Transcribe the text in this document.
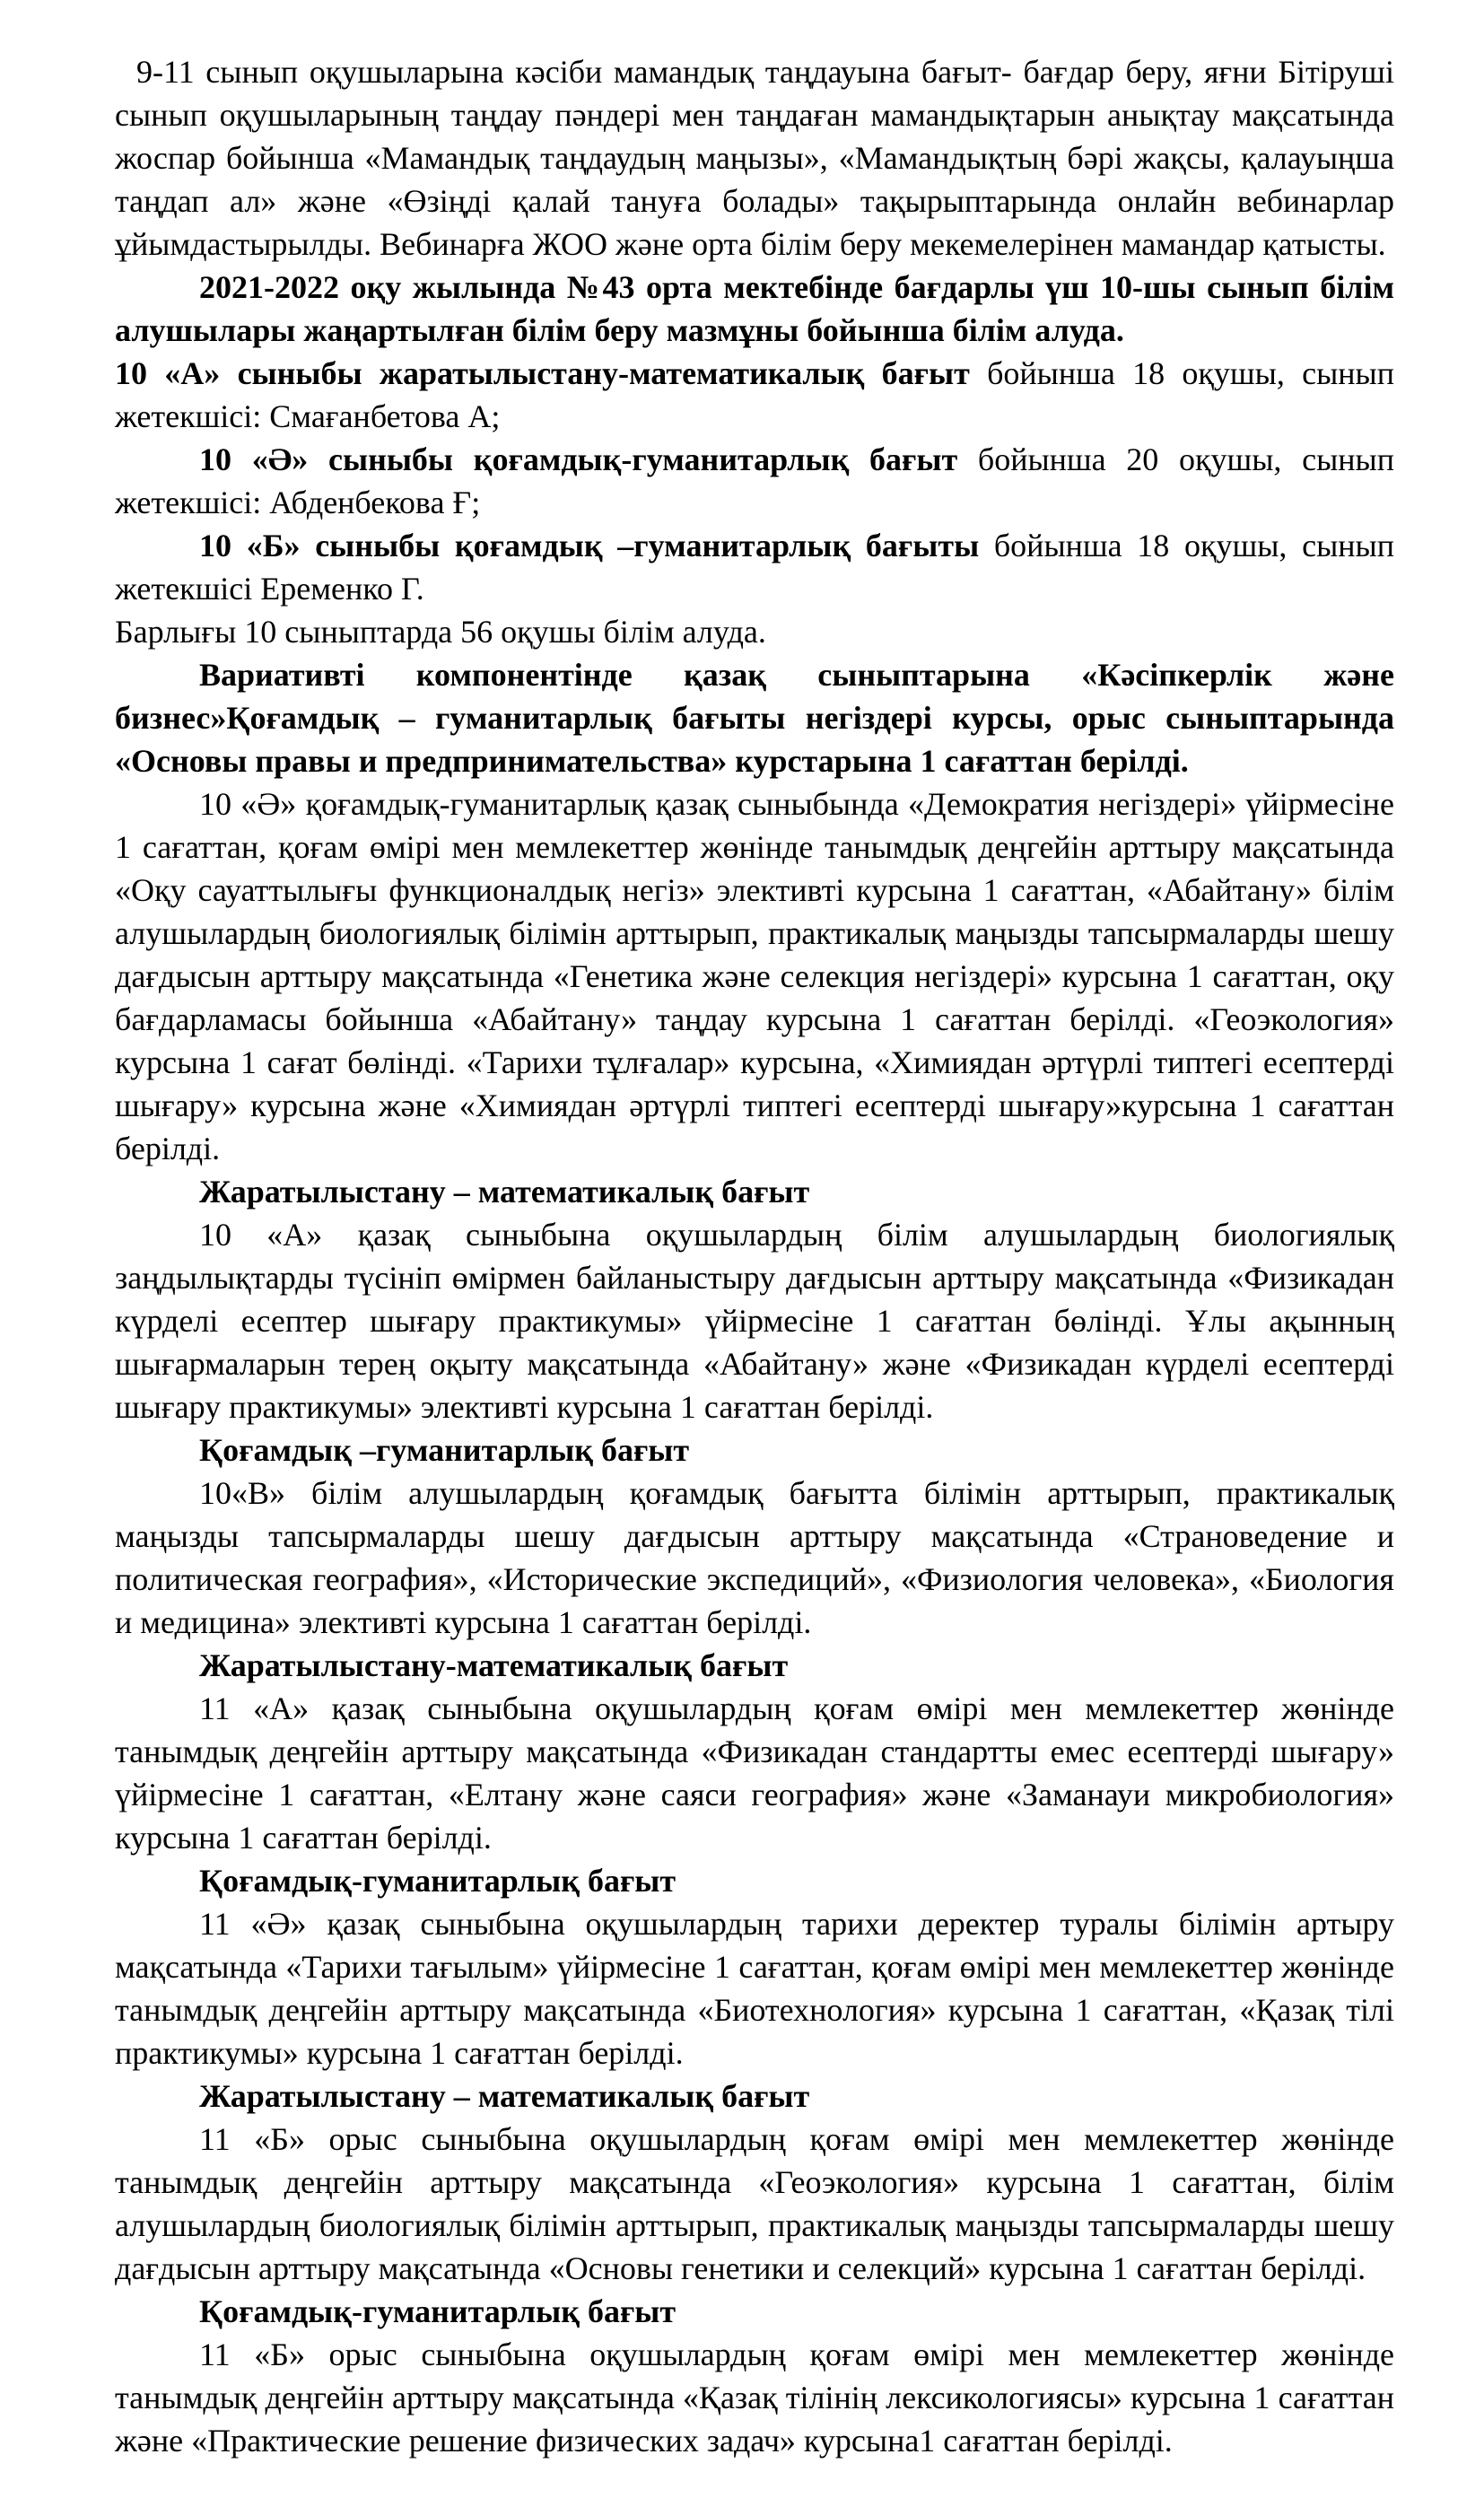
9-11 сынып оқушыларына кәсіби мамандық таңдауына бағыт- бағдар беру, яғни Бітіруші сынып оқушыларының таңдау пәндері мен таңдаған мамандықтарын анықтау мақсатында жоспар бойынша «Мамандық таңдаудың маңызы», «Мамандықтың бәрі жақсы, қалауыңша таңдап ал» және «Өзіңді қалай тануға болады» тақырыптарында онлайн вебинарлар ұйымдастырылды. Вебинарға ЖОО және орта білім беру мекемелерінен мамандар қатысты.

2021-2022 оқу жылында №43 орта мектебінде бағдарлы үш 10-шы сынып білім алушылары жаңартылған білім беру мазмұны бойынша білім алуда.

10 «А» сыныбы жаратылыстану-математикалық бағыт бойынша 18 оқушы, сынып жетекшісі: Смағанбетова А;

10 «Ә» сыныбы қоғамдық-гуманитарлық бағыт бойынша 20 оқушы, сынып жетекшісі: Абденбекова Ғ;

10 «Б» сыныбы қоғамдық –гуманитарлық бағыты бойынша 18 оқушы, сынып жетекшісі Еременко Г.

Барлығы 10 сыныптарда 56 оқушы білім алуда.

Вариативті компонентінде қазақ сыныптарына «Кәсіпкерлік және бизнес»Қоғамдық – гуманитарлық бағыты негіздері курсы, орыс сыныптарында «Основы правы и предпринимательства» курстарына 1 сағаттан берілді.

10 «Ә» қоғамдық-гуманитарлық қазақ сыныбында «Демократия негіздері» үйірмесіне 1 сағаттан, қоғам өмірі мен мемлекеттер жөнінде танымдық деңгейін арттыру мақсатында «Оқу сауаттылығы функционалдық негіз» элективті курсына 1 сағаттан, «Абайтану» білім алушылардың биологиялық білімін арттырып, практикалық маңызды тапсырмаларды шешу дағдысын арттыру мақсатында «Генетика және селекция негіздері» курсына 1 сағаттан, оқу бағдарламасы бойынша «Абайтану» таңдау курсына 1 сағаттан берілді. «Геоэкология» курсына 1 сағат бөлінді. «Тарихи тұлғалар» курсына, «Химиядан әртүрлі типтегі есептерді шығару» курсына және «Химиядан әртүрлі типтегі есептерді шығару»курсына 1 сағаттан берілді.

Жаратылыстану – математикалық бағыт

10 «А» қазақ сыныбына оқушылардың білім алушылардың биологиялық заңдылықтарды түсініп өмірмен байланыстыру дағдысын арттыру мақсатында «Физикадан күрделі есептер шығару практикумы» үйірмесіне 1 сағаттан бөлінді. Ұлы ақынның шығармаларын терең оқыту мақсатында «Абайтану» және «Физикадан күрделі есептерді шығару практикумы» элективті курсына 1 сағаттан берілді.

Қоғамдық –гуманитарлық бағыт

10«В» білім алушылардың қоғамдық бағытта білімін арттырып, практикалық маңызды тапсырмаларды шешу дағдысын арттыру мақсатында «Страноведение и политическая география», «Исторические экспедиций», «Физиология человека», «Биология и медицина» элективті курсына 1 сағаттан берілді.

Жаратылыстану-математикалық бағыт

11 «А» қазақ сыныбына оқушылардың қоғам өмірі мен мемлекеттер жөнінде танымдық деңгейін арттыру мақсатында «Физикадан стандартты емес есептерді шығару» үйірмесіне 1 сағаттан, «Елтану және саяси география» және «Заманауи микробиология» курсына 1 сағаттан берілді.

Қоғамдық-гуманитарлық бағыт

11 «Ә» қазақ сыныбына оқушылардың тарихи деректер туралы білімін артыру мақсатында «Тарихи тағылым» үйірмесіне 1 сағаттан, қоғам өмірі мен мемлекеттер жөнінде танымдық деңгейін арттыру мақсатында «Биотехнология» курсына 1 сағаттан, «Қазақ тілі практикумы» курсына 1 сағаттан берілді.

Жаратылыстану – математикалық бағыт

11 «Б» орыс сыныбына оқушылардың қоғам өмірі мен мемлекеттер жөнінде танымдық деңгейін арттыру мақсатында «Геоэкология» курсына 1 сағаттан, білім алушылардың биологиялық білімін арттырып, практикалық маңызды тапсырмаларды шешу дағдысын арттыру мақсатында «Основы генетики и селекций» курсына 1 сағаттан берілді.

Қоғамдық-гуманитарлық бағыт

11 «Б» орыс сыныбына оқушылардың қоғам өмірі мен мемлекеттер жөнінде танымдық деңгейін арттыру мақсатында «Қазақ тілінің лексикологиясы» курсына 1 сағаттан және «Практические решение физических задач» курсына1 сағаттан берілді.
